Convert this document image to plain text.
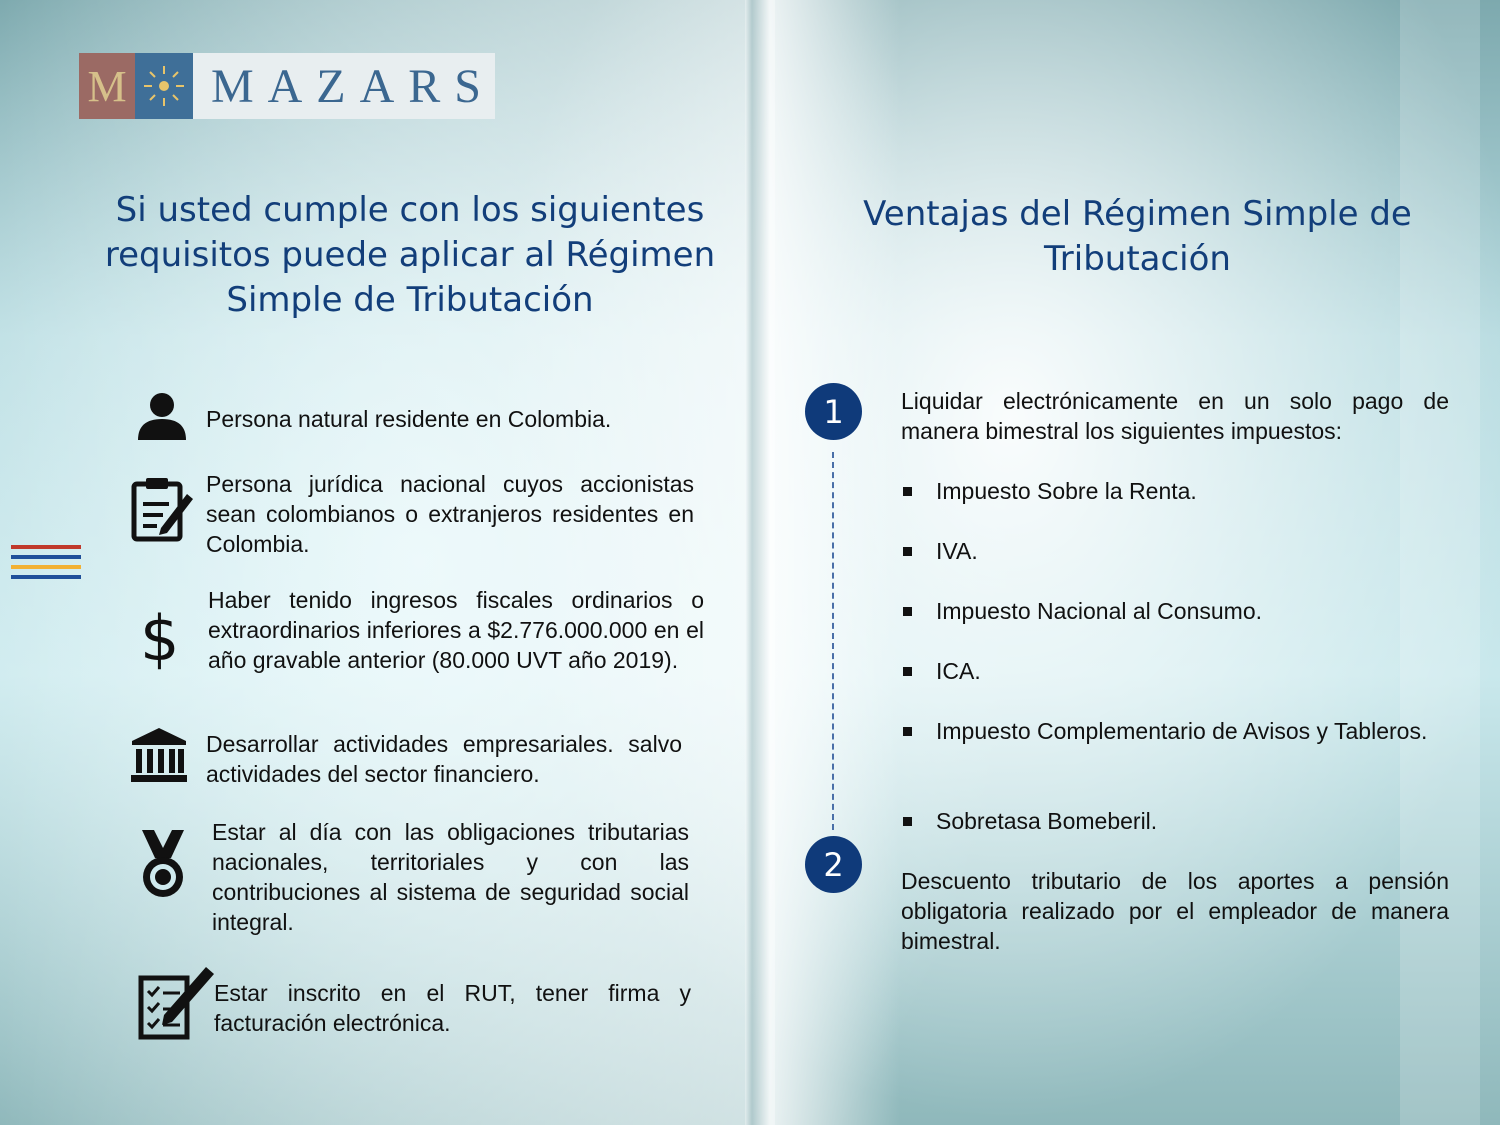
M	MAZARS
Si usted cumple con los siguientes requisitos puede aplicar al Régimen Simple de Tributación
Persona natural residente en Colombia.
Persona jurídica nacional cuyos accionistas sean colombianos o extranjeros residentes en Colombia.
$
Haber tenido ingresos fiscales ordinarios o extraordinarios inferiores a $2.776.000.000 en el año gravable anterior (80.000 UVT año 2019).
Desarrollar actividades empresariales. salvo actividades del sector financiero.
Estar al día con las obligaciones tributarias nacionales, territoriales y con las contribuciones al sistema de seguridad social integral.
Estar inscrito en el RUT, tener firma y facturación electrónica.
Ventajas del Régimen Simple de Tributación
1
2
Liquidar electrónicamente en un solo pago de manera bimestral los siguientes impuestos:
Impuesto Sobre la Renta.
IVA.
Impuesto Nacional al Consumo.
ICA.
Impuesto Complementario de Avisos y Tableros.
Sobretasa Bomeberil.
Descuento tributario de los aportes a pensión obligatoria realizado por el empleador de manera bimestral.
